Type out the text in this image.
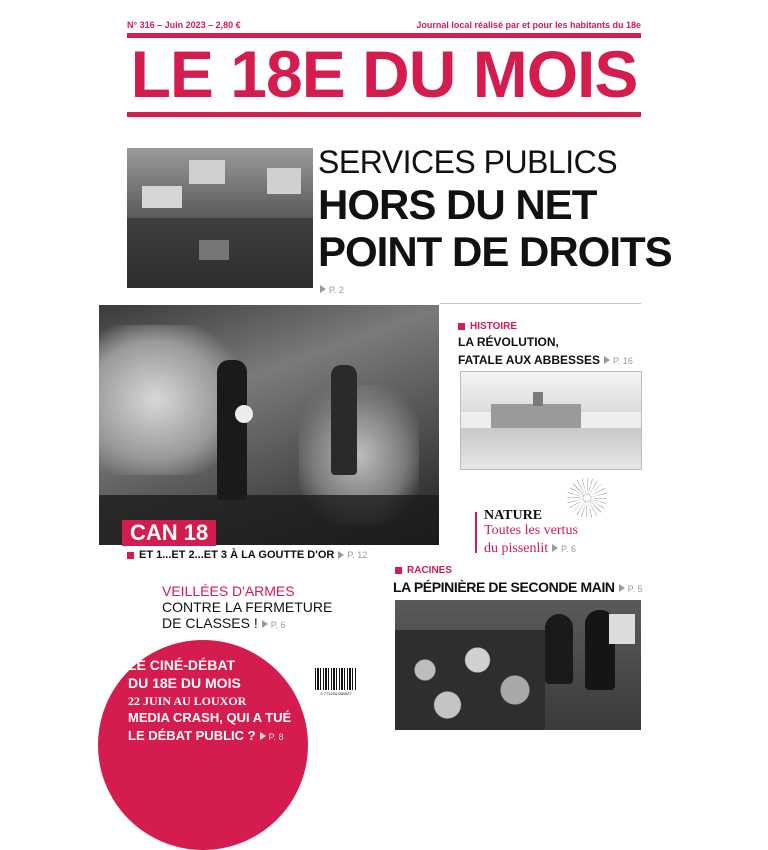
N° 316 – Juin 2023 – 2,80 €	Journal local réalisé par et pour les habitants du 18e
LE 18E DU MOIS
SERVICES PUBLICS
HORS DU NET
POINT DE DROITS
P. 2
CAN 18
ET 1...ET 2...ET 3 À LA GOUTTE D'OR P. 12
HISTOIRE
LA RÉVOLUTION,
FATALE AUX ABBESSES P. 16
NATURE
Toutes les vertus
du pissenlit P. 6
VEILLÉES D'ARMES
CONTRE LA FERMETURE
DE CLASSES ! P. 6
RACINES
LA PÉPINIÈRE DE SECONDE MAIN P. 5
LE CINÉ-DÉBAT
DU 18E DU MOIS
22 JUIN AU LOUXOR
MEDIA CRASH, QUI A TUÉ
LE DÉBAT PUBLIC ? P. 8
9 771254 660007
